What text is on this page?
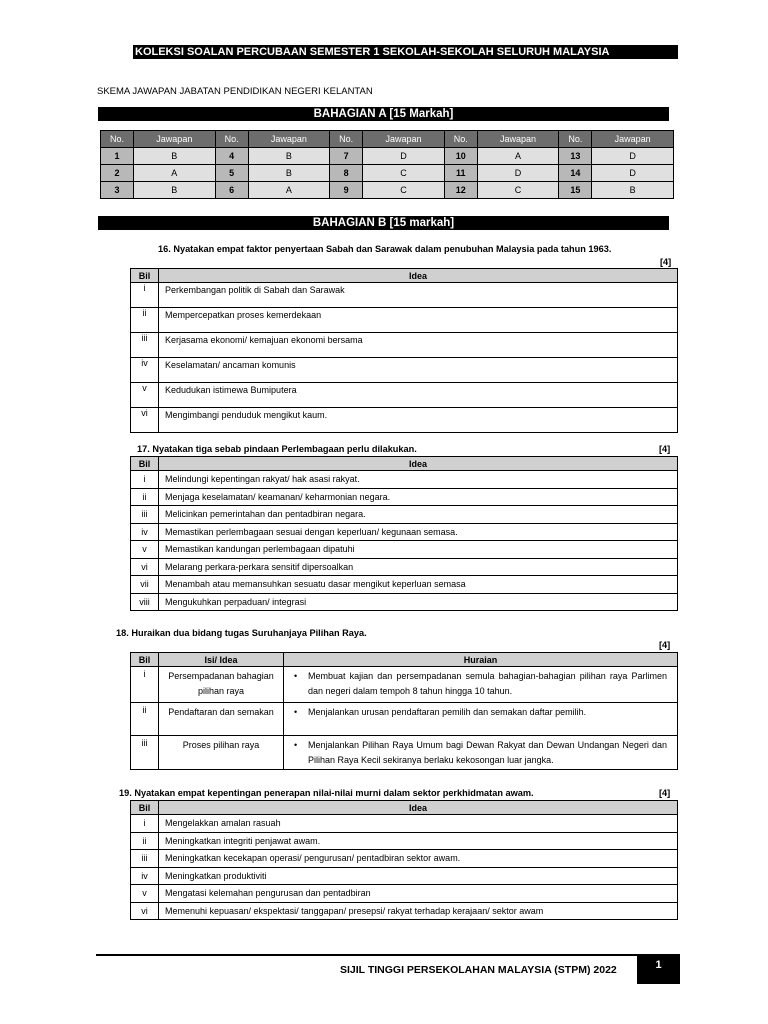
KOLEKSI SOALAN PERCUBAAN SEMESTER 1 SEKOLAH-SEKOLAH SELURUH MALAYSIA
SKEMA JAWAPAN JABATAN PENDIDIKAN NEGERI KELANTAN
BAHAGIAN A [15 Markah]
No.	Jawapan	No.	Jawapan	No.	Jawapan	No.	Jawapan	No.	Jawapan
1	B	4	B	7	D	10	A	13	D
2	A	5	B	8	C	11	D	14	D
3	B	6	A	9	C	12	C	15	B
BAHAGIAN B [15 markah]
16. Nyatakan empat faktor penyertaan Sabah dan Sarawak dalam penubuhan Malaysia pada tahun 1963.
[4]
Bil	Idea
i	Perkembangan politik di Sabah dan Sarawak
ii	Mempercepatkan proses kemerdekaan
iii	Kerjasama ekonomi/ kemajuan ekonomi bersama
iv	Keselamatan/ ancaman komunis
v	Kedudukan istimewa Bumiputera
vi	Mengimbangi penduduk mengikut kaum.
17. Nyatakan tiga sebab pindaan Perlembagaan perlu dilakukan.	[4]
Bil	Idea
i	Melindungi kepentingan rakyat/ hak asasi rakyat.
ii	Menjaga keselamatan/ keamanan/ keharmonian negara.
iii	Melicinkan pemerintahan dan pentadbiran negara.
iv	Memastikan perlembagaan sesuai dengan keperluan/ kegunaan semasa.
v	Memastikan kandungan perlembagaan dipatuhi
vi	Melarang perkara-perkara sensitif dipersoalkan
vii	Menambah atau memansuhkan sesuatu dasar mengikut keperluan semasa
viii	Mengukuhkan perpaduan/ integrasi
18. Huraikan dua bidang tugas Suruhanjaya Pilihan Raya.
[4]
Bil	Isi/ Idea	Huraian
i	Persempadanan bahagian pilihan raya	• Membuat kajian dan persempadanan semula bahagian-bahagian pilihan raya Parlimen dan negeri dalam tempoh 8 tahun hingga 10 tahun.

ii	Pendaftaran dan semakan	• Menjalankan urusan pendaftaran pemilih dan semakan daftar pemilih.

iii	Proses pilihan raya	• Menjalankan Pilihan Raya Umum bagi Dewan Rakyat dan Dewan Undangan Negeri dan Pilihan Raya Kecil sekiranya berlaku kekosongan luar jangka.
19. Nyatakan empat kepentingan penerapan nilai-nilai murni dalam sektor perkhidmatan awam.	[4]
Bil	Idea
i	Mengelakkan amalan rasuah
ii	Meningkatkan integriti penjawat awam.
iii	Meningkatkan kecekapan operasi/ pengurusan/ pentadbiran sektor awam.
iv	Meningkatkan produktiviti
v	Mengatasi kelemahan pengurusan dan pentadbiran
vi	Memenuhi kepuasan/ ekspektasi/ tanggapan/ presepsi/ rakyat terhadap kerajaan/ sektor awam
SIJIL TINGGI PERSEKOLAHAN MALAYSIA (STPM) 2022	1
